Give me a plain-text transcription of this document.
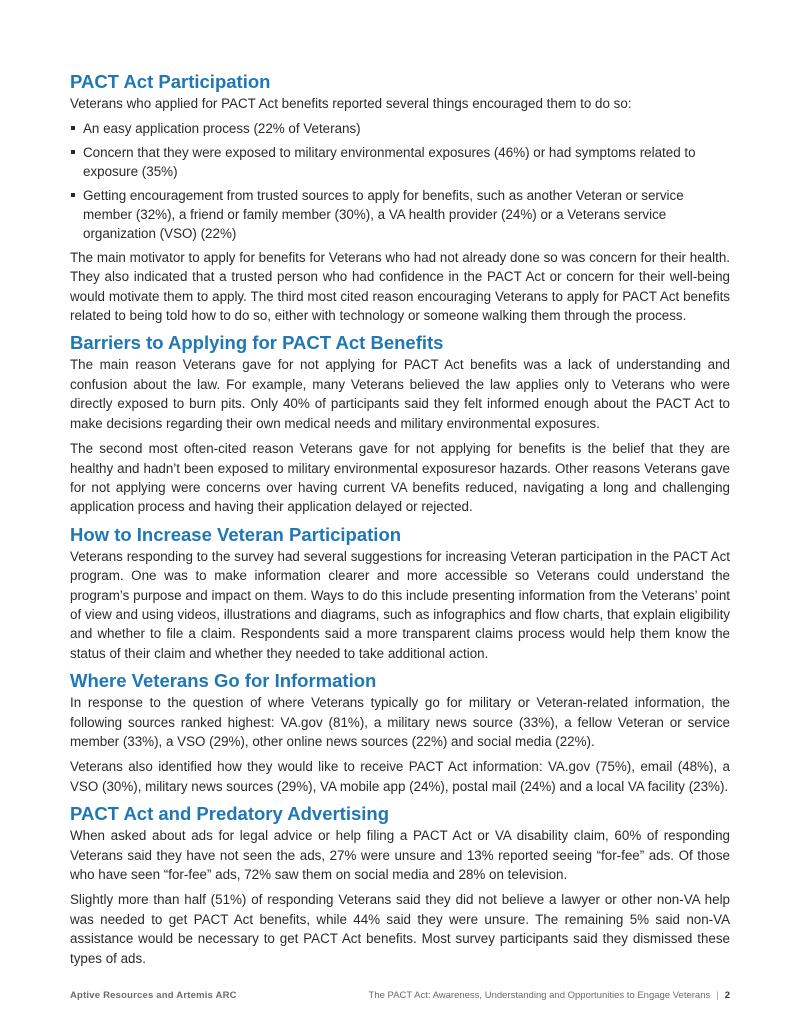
PACT Act Participation

Veterans who applied for PACT Act benefits reported several things encouraged them to do so:

An easy application process (22% of Veterans)
Concern that they were exposed to military environmental exposures (46%) or had symptoms related to exposure (35%)
Getting encouragement from trusted sources to apply for benefits, such as another Veteran or service member (32%), a friend or family member (30%), a VA health provider (24%) or a Veterans service organization (VSO) (22%)

The main motivator to apply for benefits for Veterans who had not already done so was concern for their health. They also indicated that a trusted person who had confidence in the PACT Act or concern for their well-being would motivate them to apply. The third most cited reason encouraging Veterans to apply for PACT Act benefits related to being told how to do so, either with technology or someone walking them through the process.

Barriers to Applying for PACT Act Benefits

The main reason Veterans gave for not applying for PACT Act benefits was a lack of understanding and confusion about the law. For example, many Veterans believed the law applies only to Veterans who were directly exposed to burn pits. Only 40% of participants said they felt informed enough about the PACT Act to make decisions regarding their own medical needs and military environmental exposures.

The second most often-cited reason Veterans gave for not applying for benefits is the belief that they are healthy and hadn’t been exposed to military environmental exposuresor hazards. Other reasons Veterans gave for not applying were concerns over having current VA benefits reduced, navigating a long and challenging application process and having their application delayed or rejected.

How to Increase Veteran Participation

Veterans responding to the survey had several suggestions for increasing Veteran participation in the PACT Act program. One was to make information clearer and more accessible so Veterans could understand the program’s purpose and impact on them. Ways to do this include presenting information from the Veterans’ point of view and using videos, illustrations and diagrams, such as infographics and flow charts, that explain eligibility and whether to file a claim. Respondents said a more transparent claims process would help them know the status of their claim and whether they needed to take additional action.

Where Veterans Go for Information

In response to the question of where Veterans typically go for military or Veteran-related information, the following sources ranked highest: VA.gov (81%), a military news source (33%), a fellow Veteran or service member (33%), a VSO (29%), other online news sources (22%) and social media (22%).

Veterans also identified how they would like to receive PACT Act information: VA.gov (75%), email (48%), a VSO (30%), military news sources (29%), VA mobile app (24%), postal mail (24%) and a local VA facility (23%).

PACT Act and Predatory Advertising

When asked about ads for legal advice or help filing a PACT Act or VA disability claim, 60% of responding Veterans said they have not seen the ads, 27% were unsure and 13% reported seeing “for-fee” ads. Of those who have seen “for-fee” ads, 72% saw them on social media and 28% on television.

Slightly more than half (51%) of responding Veterans said they did not believe a lawyer or other non-VA help was needed to get PACT Act benefits, while 44% said they were unsure. The remaining 5% said non-VA assistance would be necessary to get PACT Act benefits. Most survey participants said they dismissed these types of ads.

Aptive Resources and Artemis ARC	The PACT Act: Awareness, Understanding and Opportunities to Engage Veterans | 2
